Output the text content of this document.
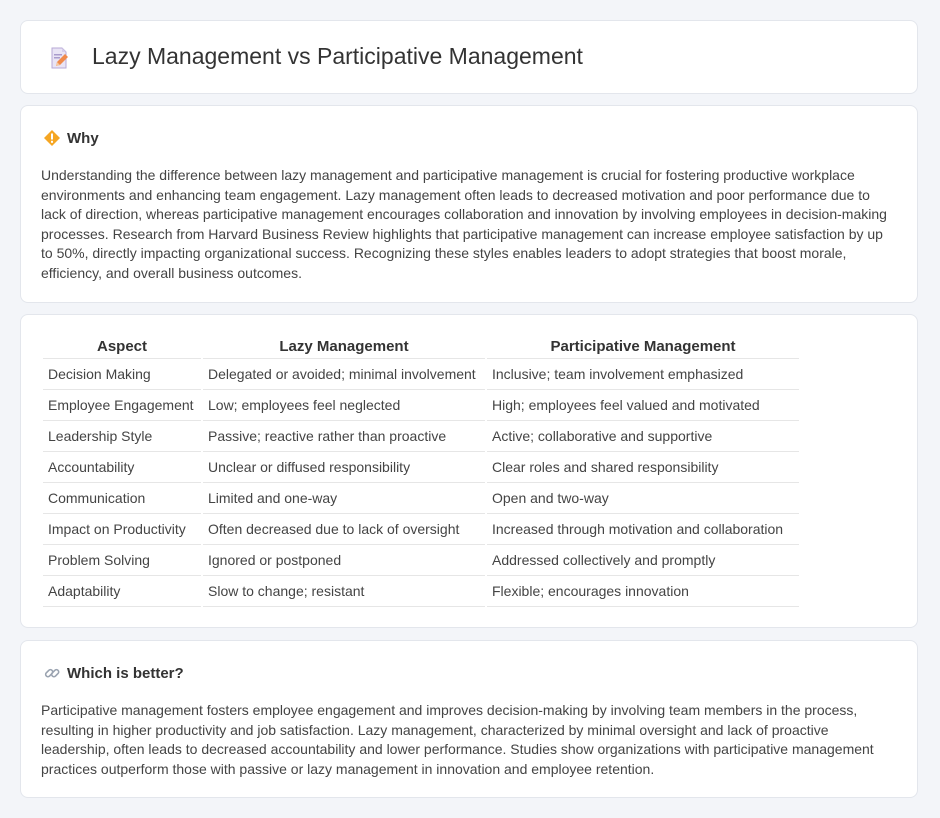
Lazy Management vs Participative Management
Why

Understanding the difference between lazy management and participative management is crucial for fostering productive workplace environments and enhancing team engagement. Lazy management often leads to decreased motivation and poor performance due to lack of direction, whereas participative management encourages collaboration and innovation by involving employees in decision-making processes. Research from Harvard Business Review highlights that participative management can increase employee satisfaction by up to 50%, directly impacting organizational success. Recognizing these styles enables leaders to adopt strategies that boost morale, efficiency, and overall business outcomes.

Aspect	Lazy Management	Participative Management
Decision Making	Delegated or avoided; minimal involvement	Inclusive; team involvement emphasized
Employee Engagement	Low; employees feel neglected	High; employees feel valued and motivated
Leadership Style	Passive; reactive rather than proactive	Active; collaborative and supportive
Accountability	Unclear or diffused responsibility	Clear roles and shared responsibility
Communication	Limited and one-way	Open and two-way
Impact on Productivity	Often decreased due to lack of oversight	Increased through motivation and collaboration
Problem Solving	Ignored or postponed	Addressed collectively and promptly
Adaptability	Slow to change; resistant	Flexible; encourages innovation
Which is better?

Participative management fosters employee engagement and improves decision-making by involving team members in the process, resulting in higher productivity and job satisfaction. Lazy management, characterized by minimal oversight and lack of proactive leadership, often leads to decreased accountability and lower performance. Studies show organizations with participative management practices outperform those with passive or lazy management in innovation and employee retention.
